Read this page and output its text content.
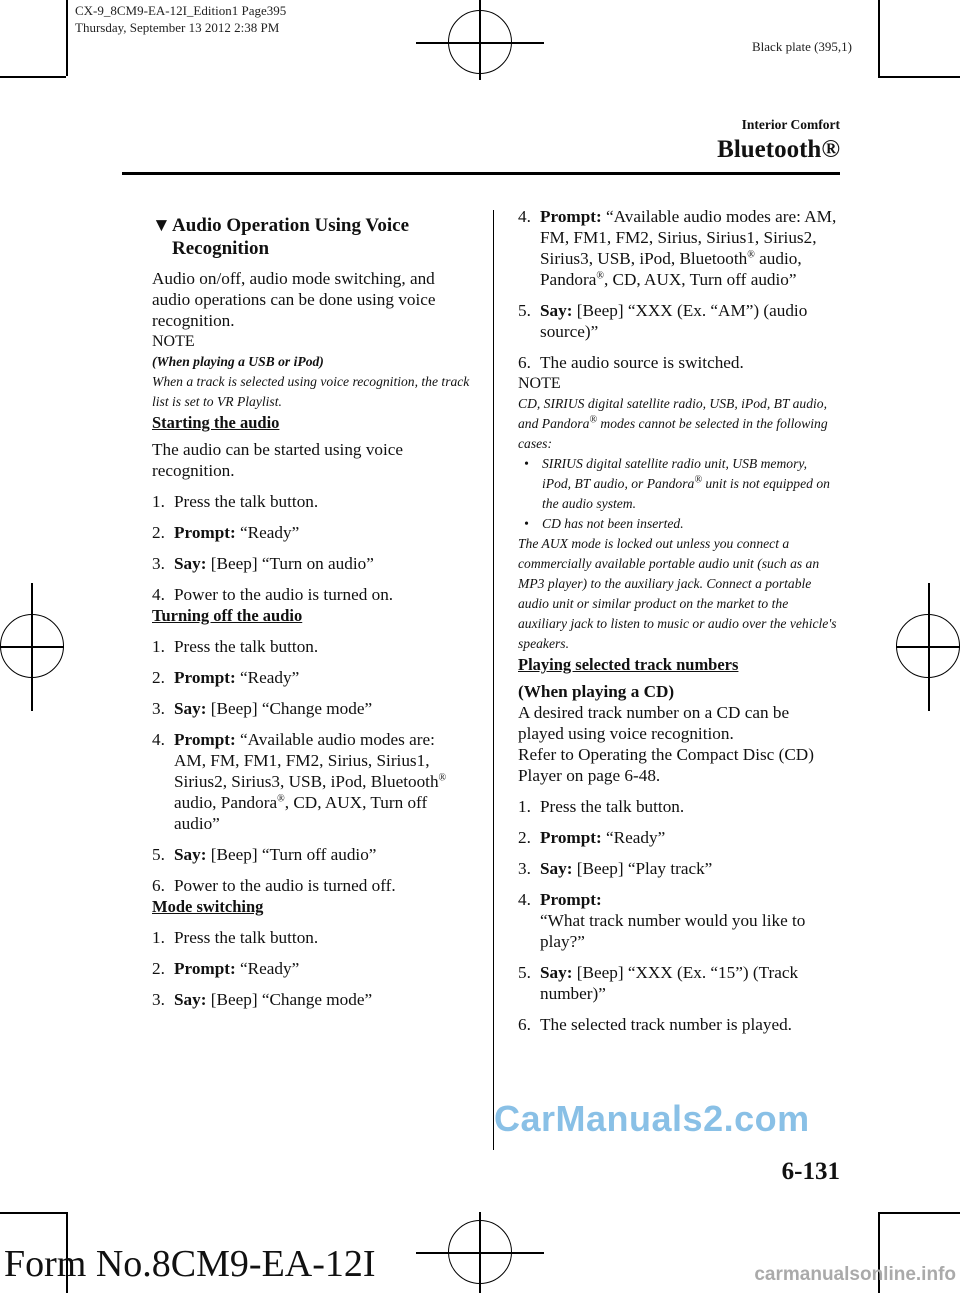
CX-9_8CM9-EA-12I_Edition1 Page395
Thursday, September 13 2012 2:38 PM
Black plate (395,1)
Interior Comfort
Bluetooth®
▼ Audio Operation Using Voice Recognition

Audio on/off, audio mode switching, and audio operations can be done using voice recognition.

NOTE

(When playing a USB or iPod)

When a track is selected using voice recognition, the track list is set to VR Playlist.

Starting the audio

The audio can be started using voice recognition.

1. Press the talk button.
2. Prompt: “Ready”
3. Say: [Beep] “Turn on audio”
4. Power to the audio is turned on.

Turning off the audio

1. Press the talk button.
2. Prompt: “Ready”
3. Say: [Beep] “Change mode”
4. Prompt: “Available audio modes are: AM, FM, FM1, FM2, Sirius, Sirius1, Sirius2, Sirius3, USB, iPod, Bluetooth® audio, Pandora®, CD, AUX, Turn off audio”
5. Say: [Beep] “Turn off audio”
6. Power to the audio is turned off.

Mode switching

1. Press the talk button.
2. Prompt: “Ready”
3. Say: [Beep] “Change mode”
4. Prompt: “Available audio modes are: AM, FM, FM1, FM2, Sirius, Sirius1, Sirius2, Sirius3, USB, iPod, Bluetooth® audio, Pandora®, CD, AUX, Turn off audio”
5. Say: [Beep] “XXX (Ex. “AM”) (audio source)”
6. The audio source is switched.

NOTE

CD, SIRIUS digital satellite radio, USB, iPod, BT audio, and Pandora® modes cannot be selected in the following cases:

• SIRIUS digital satellite radio unit, USB memory, iPod, BT audio, or Pandora® unit is not equipped on the audio system.
• CD has not been inserted.

The AUX mode is locked out unless you connect a commercially available portable audio unit (such as an MP3 player) to the auxiliary jack. Connect a portable audio unit or similar product on the market to the auxiliary jack to listen to music or audio over the vehicle's speakers.

Playing selected track numbers

(When playing a CD)

A desired track number on a CD can be played using voice recognition.

Refer to Operating the Compact Disc (CD) Player on page 6-48.

1. Press the talk button.
2. Prompt: “Ready”
3. Say: [Beep] “Play track”
4. Prompt:
“What track number would you like to play?”
5. Say: [Beep] “XXX (Ex. “15”) (Track number)”
6. The selected track number is played.
CarManuals2.com
6-131
Form No.8CM9-EA-12I	carmanualsonline.info
